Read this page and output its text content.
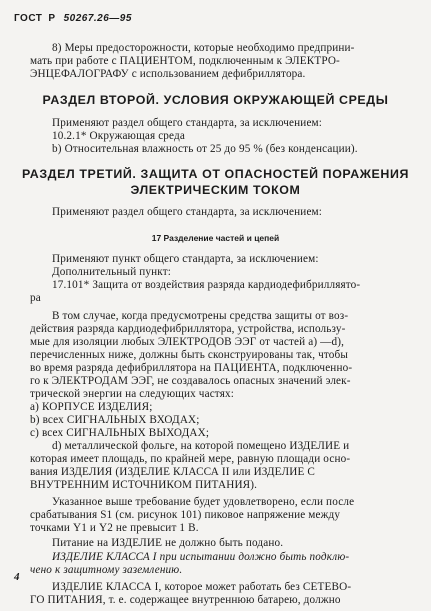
ГОСТ Р 50267.26—95
8) Меры предосторожности, которые необходимо предприни-
мать при работе с ПАЦИЕНТОМ, подключенным к ЭЛЕКТРО-
ЭНЦЕФАЛОГРАФУ с использованием дефибриллятора.
РАЗДЕЛ ВТОРОЙ. УСЛОВИЯ ОКРУЖАЮЩЕЙ СРЕДЫ
Применяют раздел общего стандарта, за исключением:
10.2.1* Окружающая среда
b) Относительная влажность от 25 до 95 % (без конденсации).
РАЗДЕЛ ТРЕТИЙ. ЗАЩИТА ОТ ОПАСНОСТЕЙ ПОРАЖЕНИЯ
ЭЛЕКТРИЧЕСКИМ ТОКОМ
Применяют раздел общего стандарта, за исключением:
17 Разделение частей и цепей
Применяют пункт общего стандарта, за исключением:
Дополнительный пункт:
17.101* Защита от воздействия разряда кардиодефибрилляято-
ра
В том случае, когда предусмотрены средства защиты от воз-
действия разряда кардиодефибриллятора, устройства, использу-
мые для изоляции любых ЭЛЕКТРОДОВ ЭЭГ от частей а) —d),
перечисленных ниже, должны быть сконструированы так, чтобы
во время разряда дефибриллятора на ПАЦИЕНТА, подключенно-
го к ЭЛЕКТРОДАМ ЭЭГ, не создавалось опасных значений элек-
трической энергии на следующих частях:
а) КОРПУСЕ ИЗДЕЛИЯ;
b) всех СИГНАЛЬНЫХ ВХОДАХ;
c) всех СИГНАЛЬНЫХ ВЫХОДАХ;
d) металлической фольге, на которой помещено ИЗДЕЛИЕ и
которая имеет площадь, по крайней мере, равную площади осно-
вания ИЗДЕЛИЯ (ИЗДЕЛИЕ КЛАССА II или ИЗДЕЛИЕ С
ВНУТРЕННИМ ИСТОЧНИКОМ ПИТАНИЯ).
Указанное выше требование будет удовлетворено, если после
срабатывания S1 (см. рисунок 101) пиковое напряжение между
точками Y1 и Y2 не превысит 1 В.
Питание на ИЗДЕЛИЕ не должно быть подано.
ИЗДЕЛИЕ КЛАССА I при испытании должно быть подклю-
чено к защитному заземлению.
ИЗДЕЛИЕ КЛАССА I, которое может работать без СЕТЕВО-
ГО ПИТАНИЯ, т. е. содержащее внутреннюю батарею, должно
4
